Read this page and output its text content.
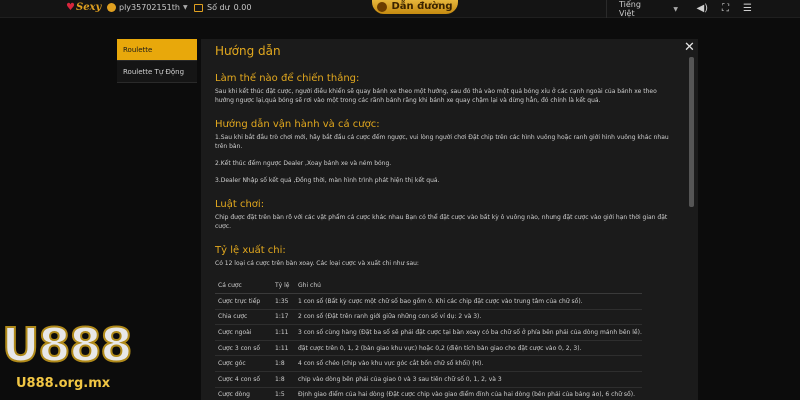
♥Sexy ply35702151th ▼ Số dư 0.00	Dẫn đường	Tiếng Việt	▼ ◀) ⛶ ☰
Roulette
Roulette Tự Động
Hướng dẫn	✕
Làm thế nào để chiến thắng:
Sau khi kết thúc đặt cược, người điều khiển sẽ quay bánh xe theo một hướng, sau đó thả vào một quả bóng xíu ở các cạnh ngoài của bánh xe theo hướng ngược lại,quả bóng sẽ rơi vào một trong các rãnh bánh răng khi bánh xe quay chậm lại và dừng hẳn, đó chính là kết quả.
Hướng dẫn vận hành và cá cược:
1.Sau khi bắt đầu trò chơi mới, hãy bắt đầu cá cược đếm ngược, vui lòng người chơi Đặt chip trên các hình vuông hoặc ranh giới hình vuông khác nhau trên bàn.
2.Kết thúc đếm ngược Dealer ,Xoay bánh xe và ném bóng.
3.Dealer Nhập số kết quả ,Đồng thời, màn hình trình phát hiện thị kết quả.
Luật chơi:
Chip được đặt trên bàn rõ với các vật phẩm cá cược khác nhau Bạn có thể đặt cược vào bất kỳ ô vuông nào, nhưng đặt cược vào giới hạn thời gian đặt cược.
Tỷ lệ xuất chi:
Có 12 loại cá cược trên bàn xoay. Các loại cược và xuất chi như sau:
Cá cược	Tỷ lệ	Ghi chú
Cược trực tiếp	1:35	1 con số (Bất kỳ cược một chữ số bao gồm 0. Khi các chip đặt cược vào trung tâm của chữ số).
Chia cược	1:17	2 con số (Đặt trên ranh giới giữa những con số ví dụ: 2 và 3).
Cược ngoài	1:11	3 con số cùng hàng (Đặt ba số sẽ phải đặt cược tại bàn xoay có ba chữ số ở phía bên phải của dòng mảnh bên lề).
Cược 3 con số	1:11	đặt cược trên 0, 1, 2 (bàn giao khu vực) hoặc 0,2 (điện tích bàn giao cho đặt cược vào 0, 2, 3).
Cược góc	1:8	4 con số chéo (chip vào khu vực góc cắt bốn chữ số khối) (H).
Cược 4 con số	1:8	chip vào dòng bên phải của giao 0 và 3 sau tiên chữ số 0, 1, 2, và 3
Cược dòng	1:5	Định giao điểm của hai dòng (Đặt cược chip vào giao điểm đỉnh của hai dòng (bên phải của bảng ảo), 6 chữ số).
U888
U888.org.mx
